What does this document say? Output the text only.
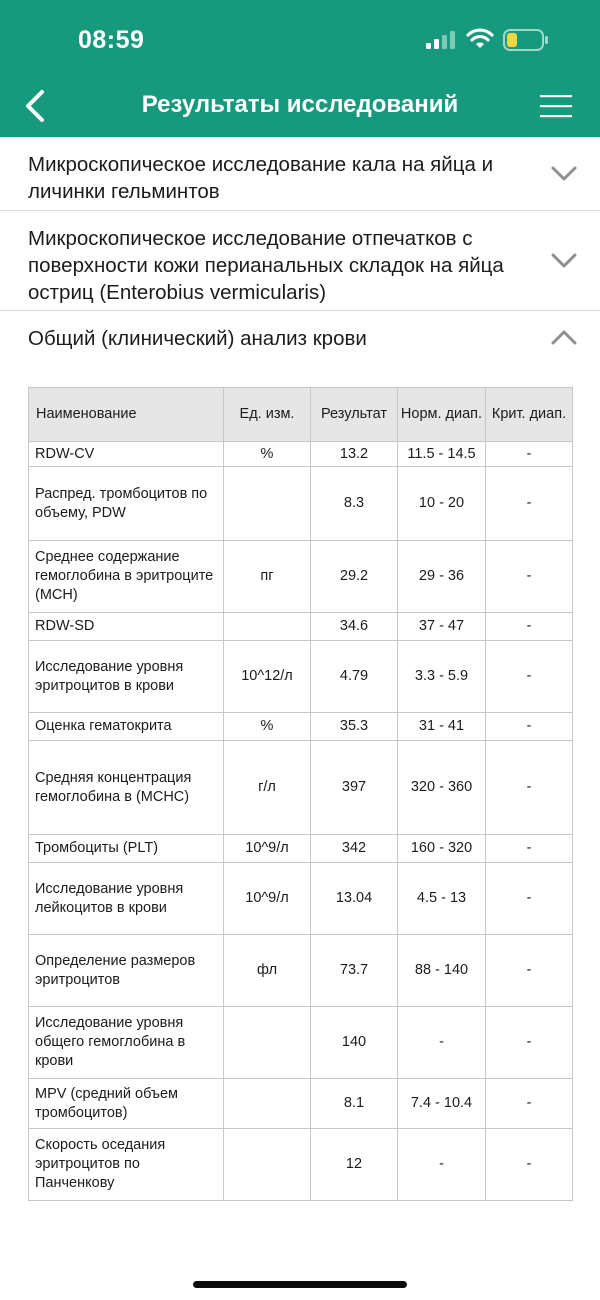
08:59
Результаты исследований
Микроскопическое исследование кала на яйца и личинки гельминтов
Микроскопическое исследование отпечатков с поверхности кожи перианальных складок на яйца остриц (Enterobius vermicularis)
Общий (клинический) анализ крови
Наименование	Ед. изм.	Результат	Норм. диап.	Крит. диап.
RDW-CV	%	13.2	11.5 - 14.5	-
Распред. тромбоцитов по объему, PDW		8.3	10 - 20	-
Среднее содержание гемоглобина в эритроците (MCH)	пг	29.2	29 - 36	-
RDW-SD		34.6	37 - 47	-
Исследование уровня эритроцитов в крови	10^12/л	4.79	3.3 - 5.9	-
Оценка гематокрита	%	35.3	31 - 41	-
Средняя концентрация гемоглобина в (MCHC)	г/л	397	320 - 360	-
Тромбоциты (PLT)	10^9/л	342	160 - 320	-
Исследование уровня лейкоцитов в крови	10^9/л	13.04	4.5 - 13	-
Определение размеров эритроцитов	фл	73.7	88 - 140	-
Исследование уровня общего гемоглобина в крови		140	-	-
MPV (средний объем тромбоцитов)		8.1	7.4 - 10.4	-
Скорость оседания эритроцитов по Панченкову		12	-	-
